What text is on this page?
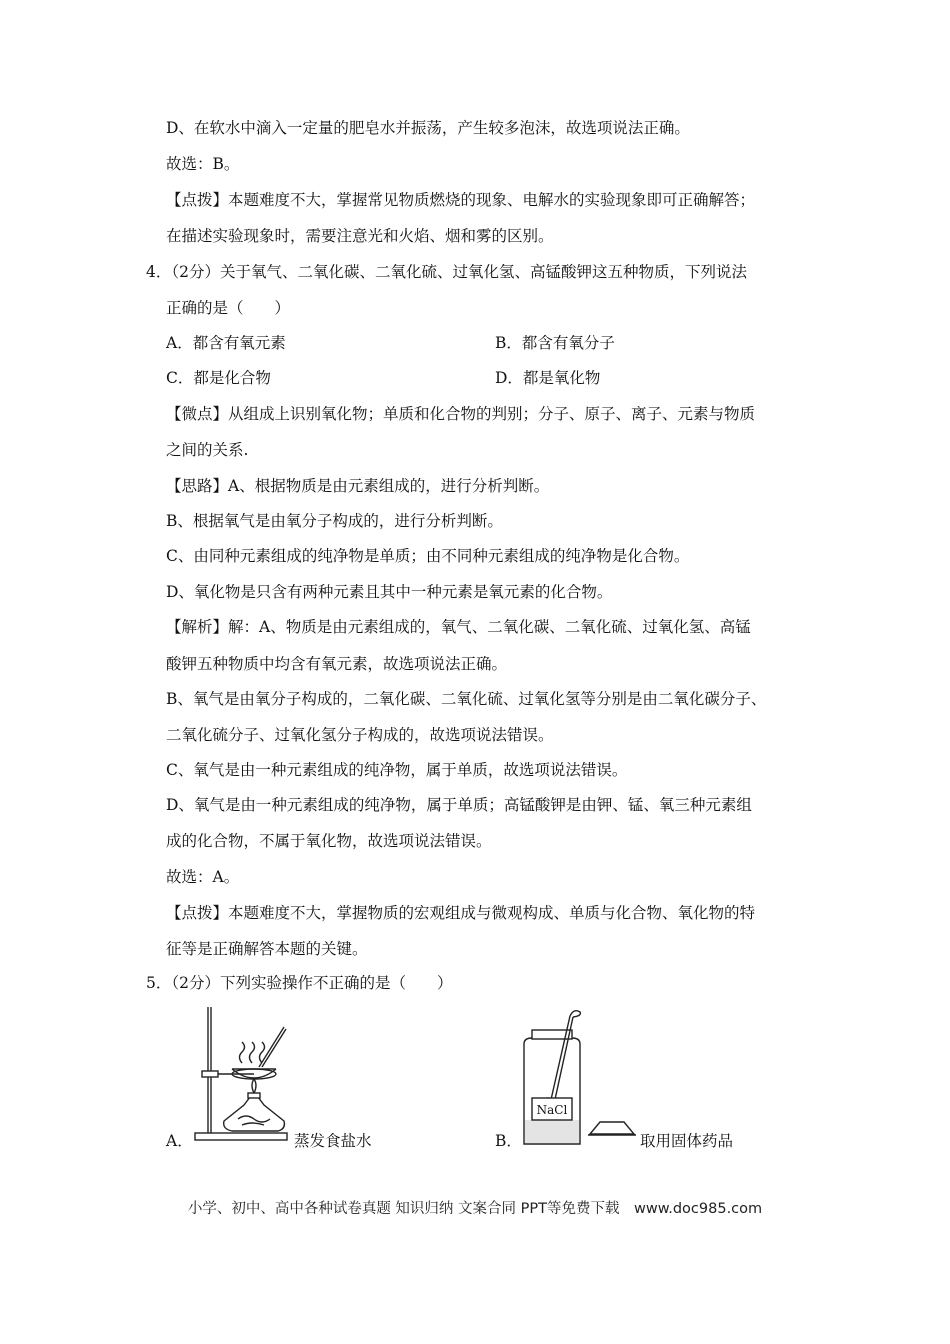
D、在软水中滴入一定量的肥皂水并振荡，产生较多泡沫，故选项说法正确。
故选：B。
【点拨】本题难度不大，掌握常见物质燃烧的现象、电解水的实验现象即可正确解答；
在描述实验现象时，需要注意光和火焰、烟和雾的区别。
4．（2分）关于氧气、二氧化碳、二氧化硫、过氧化氢、高锰酸钾这五种物质，下列说法
正确的是（　　）
A．都含有氧元素	B．都含有氧分子
C．都是化合物	D．都是氧化物
【微点】从组成上识别氧化物；单质和化合物的判别；分子、原子、离子、元素与物质
之间的关系.
【思路】A、根据物质是由元素组成的，进行分析判断。
B、根据氧气是由氧分子构成的，进行分析判断。
C、由同种元素组成的纯净物是单质；由不同种元素组成的纯净物是化合物。
D、氧化物是只含有两种元素且其中一种元素是氧元素的化合物。
【解析】解：A、物质是由元素组成的，氧气、二氧化碳、二氧化硫、过氧化氢、高锰
酸钾五种物质中均含有氧元素，故选项说法正确。
B、氧气是由氧分子构成的，二氧化碳、二氧化硫、过氧化氢等分别是由二氧化碳分子、
二氧化硫分子、过氧化氢分子构成的，故选项说法错误。
C、氧气是由一种元素组成的纯净物，属于单质，故选项说法错误。
D、氧气是由一种元素组成的纯净物，属于单质；高锰酸钾是由钾、锰、氧三种元素组
成的化合物，不属于氧化物，故选项说法错误。
故选：A。
【点拨】本题难度不大，掌握物质的宏观组成与微观构成、单质与化合物、氧化物的特
征等是正确解答本题的关键。
5．（2分）下列实验操作不正确的是（　　）
A．	蒸发食盐水	B．
NaCl
取用固体药品
小学、初中、高中各种试卷真题 知识归纳 文案合同 PPT等免费下载　www.doc985.com
